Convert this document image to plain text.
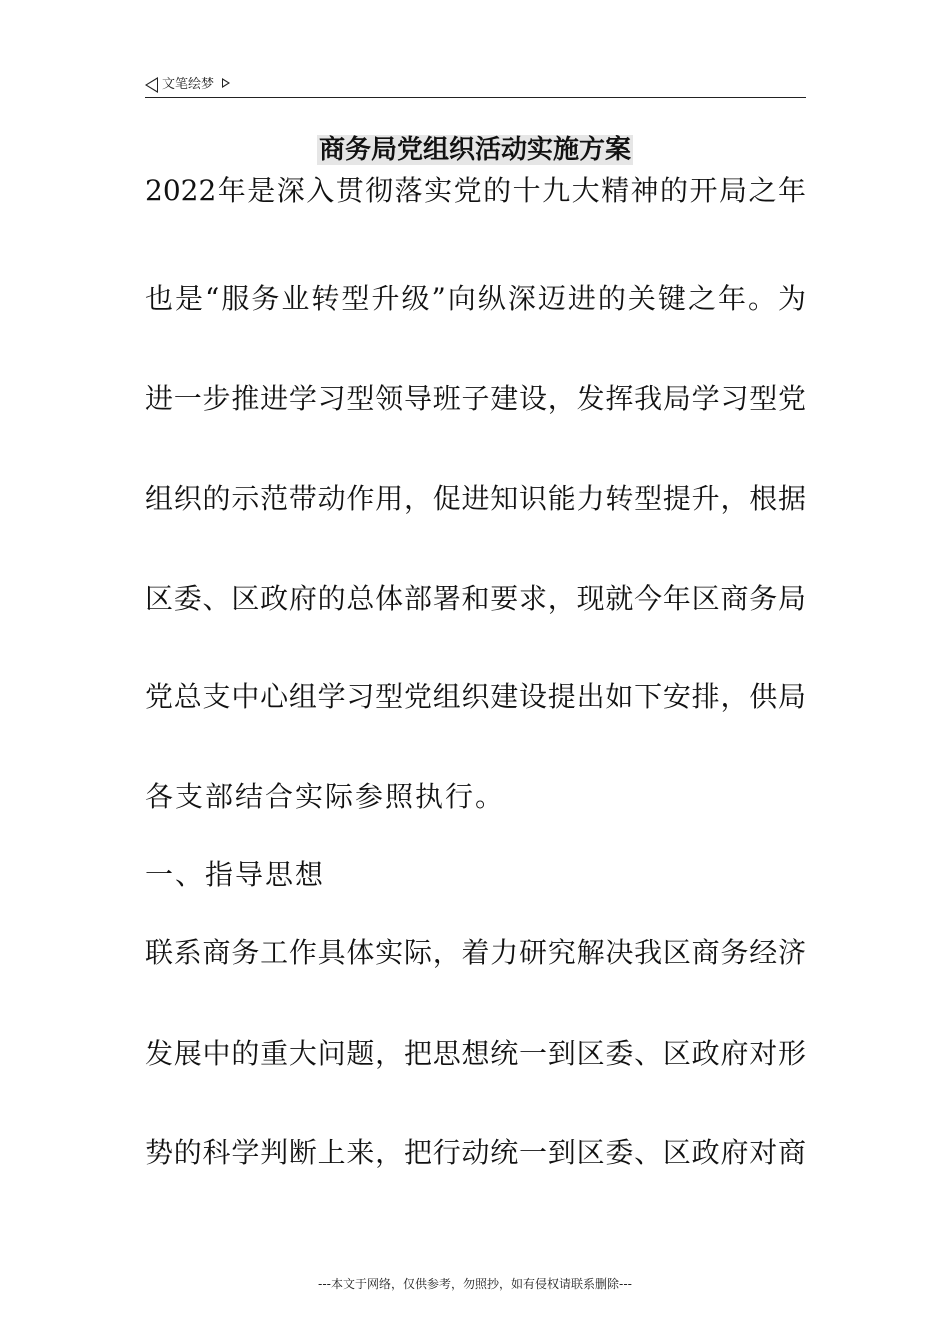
文笔绘梦
商务局党组织活动实施方案
2022年是深入贯彻落实党的十九大精神的开局之年
也是“服务业转型升级”向纵深迈进的关键之年。为
进一步推进学习型领导班子建设，发挥我局学习型党
组织的示范带动作用，促进知识能力转型提升，根据
区委、区政府的总体部署和要求，现就今年区商务局
党总支中心组学习型党组织建设提出如下安排，供局
各支部结合实际参照执行。
一、指导思想
联系商务工作具体实际，着力研究解决我区商务经济
发展中的重大问题，把思想统一到区委、区政府对形
势的科学判断上来，把行动统一到区委、区政府对商
---本文于网络，仅供参考，勿照抄，如有侵权请联系删除---
